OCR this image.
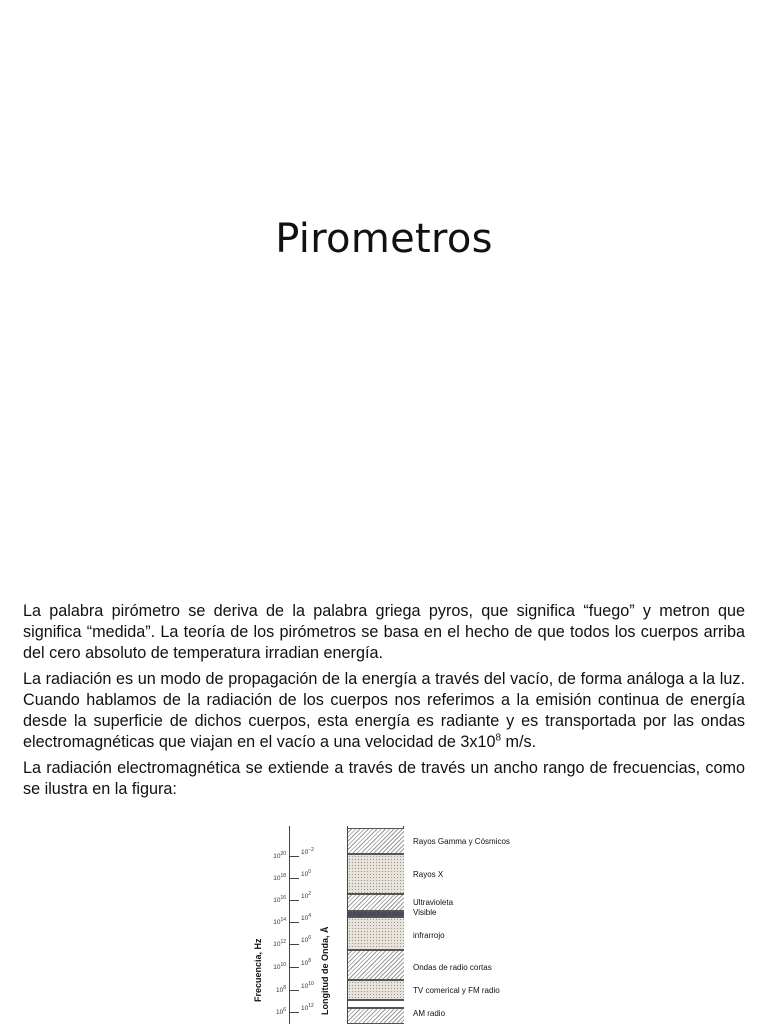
Pirometros

La palabra pirómetro se deriva de la palabra griega pyros, que significa “fuego” y metron que significa “medida”. La teoría de los pirómetros se basa en el hecho de que todos los cuerpos arriba del cero absoluto de temperatura irradian energía.

La radiación es un modo de propagación de la energía a través del vacío, de forma análoga a la luz. Cuando hablamos de la radiación de los cuerpos nos referimos a la emisión continua de energía desde la superficie de dichos cuerpos, esta energía es radiante y es transportada por las ondas electromagnéticas que viajan en el vacío a una velocidad de $3x10^8$ m/s.

La radiación electromagnética se extiende a través de través un ancho rango de frecuencias, como se ilustra en la figura:

Frecuencia, Hz	Longitud de Onda, Å
$10^{20}$
$10^{18}$
$10^{16}$
$10^{14}$
$10^{12}$
$10^{10}$
$10^8$
$10^6$
$10^{-2}$
$10^0$
$10^2$
$10^4$
$10^6$
$10^8$
$10^{10}$
$10^{12}$
Rayos Gamma y Cósmicos
Rayos X
Ultravioleta
Visible
infrarrojo
Ondas de radio cortas
TV comerical y FM radio
AM radio
